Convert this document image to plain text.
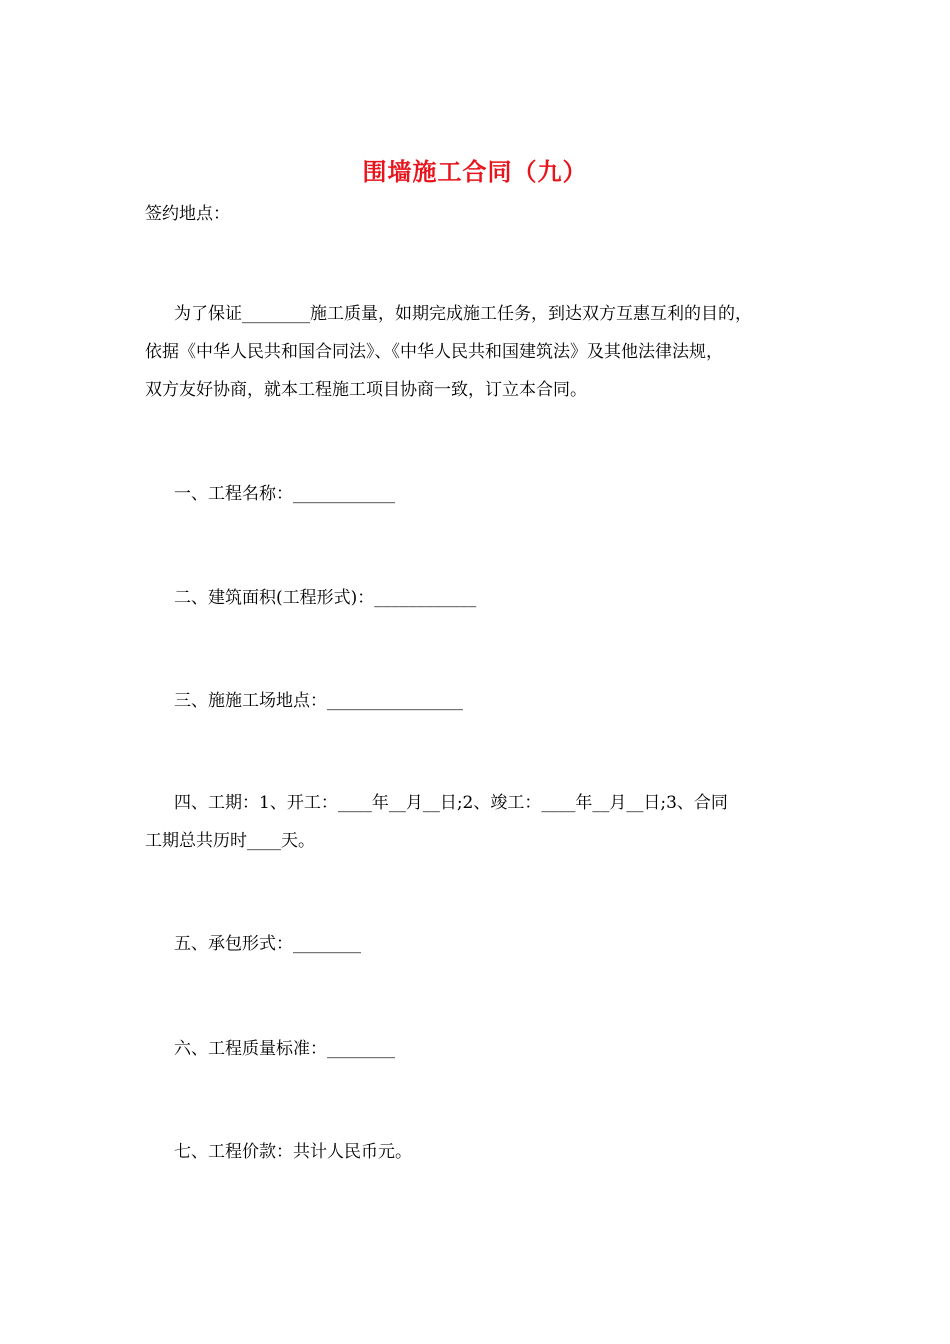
围墙施工合同（九）
签约地点：
为了保证________施工质量，如期完成施工任务，到达双方互惠互利的目的，
依据《中华人民共和国合同法》、《中华人民共和国建筑法》及其他法律法规，
双方友好协商，就本工程施工项目协商一致，订立本合同。
一、工程名称：____________
二、建筑面积(工程形式)：____________
三、施施工场地点：________________
四、工期：1、开工：____年__月__日;2、竣工：____年__月__日;3、合同
工期总共历时____天。
五、承包形式：________
六、工程质量标准：________
七、工程价款：共计人民币元。
